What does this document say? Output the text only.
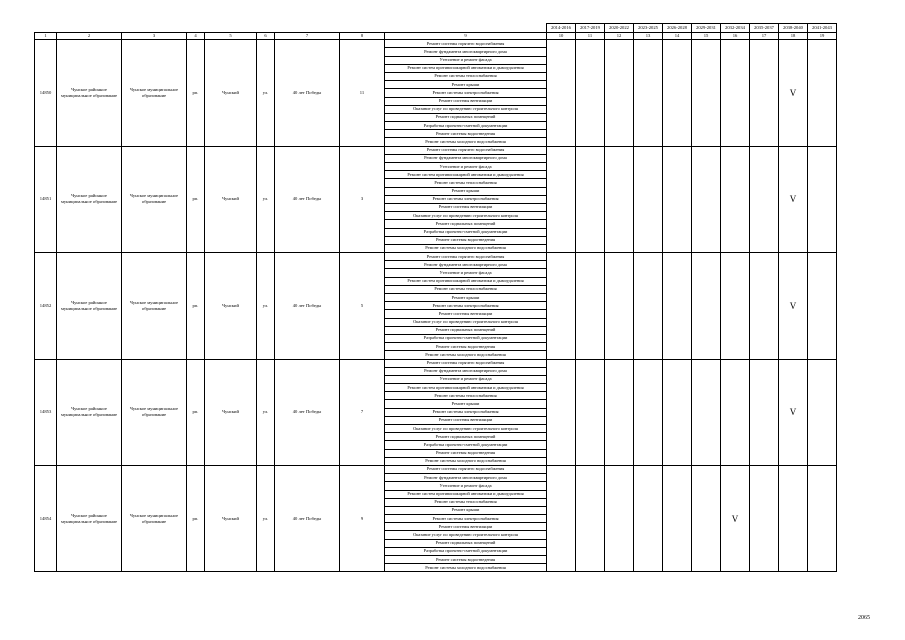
									2014-2016	2017-2019	2020-2022	2023-2025	2026-2028	2029-2031	2032-2034	2035-2037	2038-2040	2041-2043
1	2	3	4	5	6	7	8	9	10	11	12	13	14	15	16	17	18	19
14850	Чунское районное муниципальное образование	Чунское муниципальное образование	рп.	Чунский	ул.	40 лет Победы	11	Ремонт системы горячего водоснабжения									V	
								Ремонт фундамента многоквартирного дома										
								Утепление и ремонт фасада										
								Ремонт систем противопожарной автоматики и дымоудаления										
								Ремонт системы теплоснабжения										
								Ремонт крыши										
								Ремонт системы электроснабжения										
								Ремонт системы вентиляции										
								Оказание услуг по проведению строительного контроля										
								Ремонт подвальных помещений										
								Разработка проектно-сметной документации										
								Ремонт системы водоотведения										
								Ремонт системы холодного водоснабжения										
14851	Чунское районное муниципальное образование	Чунское муниципальное образование	рп.	Чунский	ул.	40 лет Победы	3	Ремонт системы горячего водоснабжения									V	
								Ремонт фундамента многоквартирного дома										
								Утепление и ремонт фасада										
								Ремонт систем противопожарной автоматики и дымоудаления										
								Ремонт системы теплоснабжения										
								Ремонт крыши										
								Ремонт системы электроснабжения										
								Ремонт системы вентиляции										
								Оказание услуг по проведению строительного контроля										
								Ремонт подвальных помещений										
								Разработка проектно-сметной документации										
								Ремонт системы водоотведения										
								Ремонт системы холодного водоснабжения										
14852	Чунское районное муниципальное образование	Чунское муниципальное образование	рп.	Чунский	ул.	40 лет Победы	5	Ремонт системы горячего водоснабжения									V	
								Ремонт фундамента многоквартирного дома										
								Утепление и ремонт фасада										
								Ремонт систем противопожарной автоматики и дымоудаления										
								Ремонт системы теплоснабжения										
								Ремонт крыши										
								Ремонт системы электроснабжения										
								Ремонт системы вентиляции										
								Оказание услуг по проведению строительного контроля										
								Ремонт подвальных помещений										
								Разработка проектно-сметной документации										
								Ремонт системы водоотведения										
								Ремонт системы холодного водоснабжения										
14853	Чунское районное муниципальное образование	Чунское муниципальное образование	рп.	Чунский	ул.	40 лет Победы	7	Ремонт системы горячего водоснабжения									V	
								Ремонт фундамента многоквартирного дома										
								Утепление и ремонт фасада										
								Ремонт систем противопожарной автоматики и дымоудаления										
								Ремонт системы теплоснабжения										
								Ремонт крыши										
								Ремонт системы электроснабжения										
								Ремонт системы вентиляции										
								Оказание услуг по проведению строительного контроля										
								Ремонт подвальных помещений										
								Разработка проектно-сметной документации										
								Ремонт системы водоотведения										
								Ремонт системы холодного водоснабжения										
14854	Чунское районное муниципальное образование	Чунское муниципальное образование	рп.	Чунский	ул.	40 лет Победы	9	Ремонт системы горячего водоснабжения							V			
								Ремонт фундамента многоквартирного дома										
								Утепление и ремонт фасада										
								Ремонт систем противопожарной автоматики и дымоудаления										
								Ремонт системы теплоснабжения										
								Ремонт крыши										
								Ремонт системы электроснабжения										
								Ремонт системы вентиляции										
								Оказание услуг по проведению строительного контроля										
								Ремонт подвальных помещений										
								Разработка проектно-сметной документации										
								Ремонт системы водоотведения										
								Ремонт системы холодного водоснабжения										
2065
